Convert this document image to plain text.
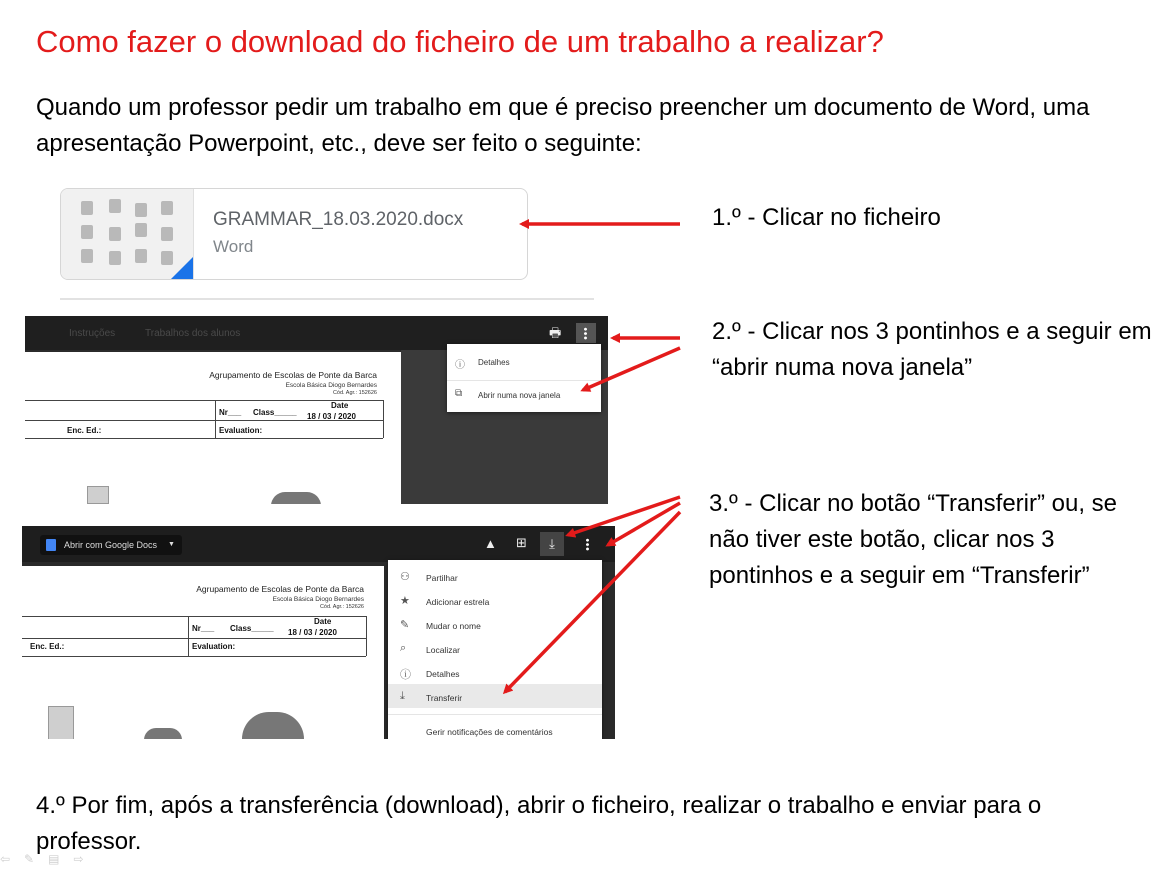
Como fazer o download do ficheiro de um trabalho a realizar?
Quando um professor pedir um trabalho em que é preciso preencher um documento de Word, uma apresentação Powerpoint, etc., deve ser feito o seguinte:
GRAMMAR_18.03.2020.docx
Word
Instruções	Trabalhos dos alunos	🖶
Agrupamento de Escolas de Ponte da Barca
Escola Básica Diogo Bernardes
Cód. Agr.: 152626
Nr___ Class_____
Date
18 / 03 / 2020
Enc. Ed.:	Evaluation:
ⓘ Detalhes
⧉ Abrir numa nova janela
Abrir com Google Docs ▼	▲ ⊞	⤓
Agrupamento de Escolas de Ponte da Barca
Escola Básica Diogo Bernardes
Cód. Agr.: 152626
Nr___ Class_____
Date
18 / 03 / 2020
Enc. Ed.:	Evaluation:
⚇ Partilhar
★ Adicionar estrela
✎ Mudar o nome
⌕ Localizar
ⓘ Detalhes
⤓ Transferir
Gerir notificações de comentários
1.º - Clicar no ficheiro
2.º - Clicar nos 3 pontinhos e a seguir em “abrir numa nova janela”
3.º - Clicar no botão “Transferir” ou, se não tiver este botão, clicar nos 3 pontinhos e a seguir em “Transferir”
4.º Por fim, após a transferência (download), abrir o ficheiro, realizar o trabalho e enviar para o professor.
⇦✎▤⇨
